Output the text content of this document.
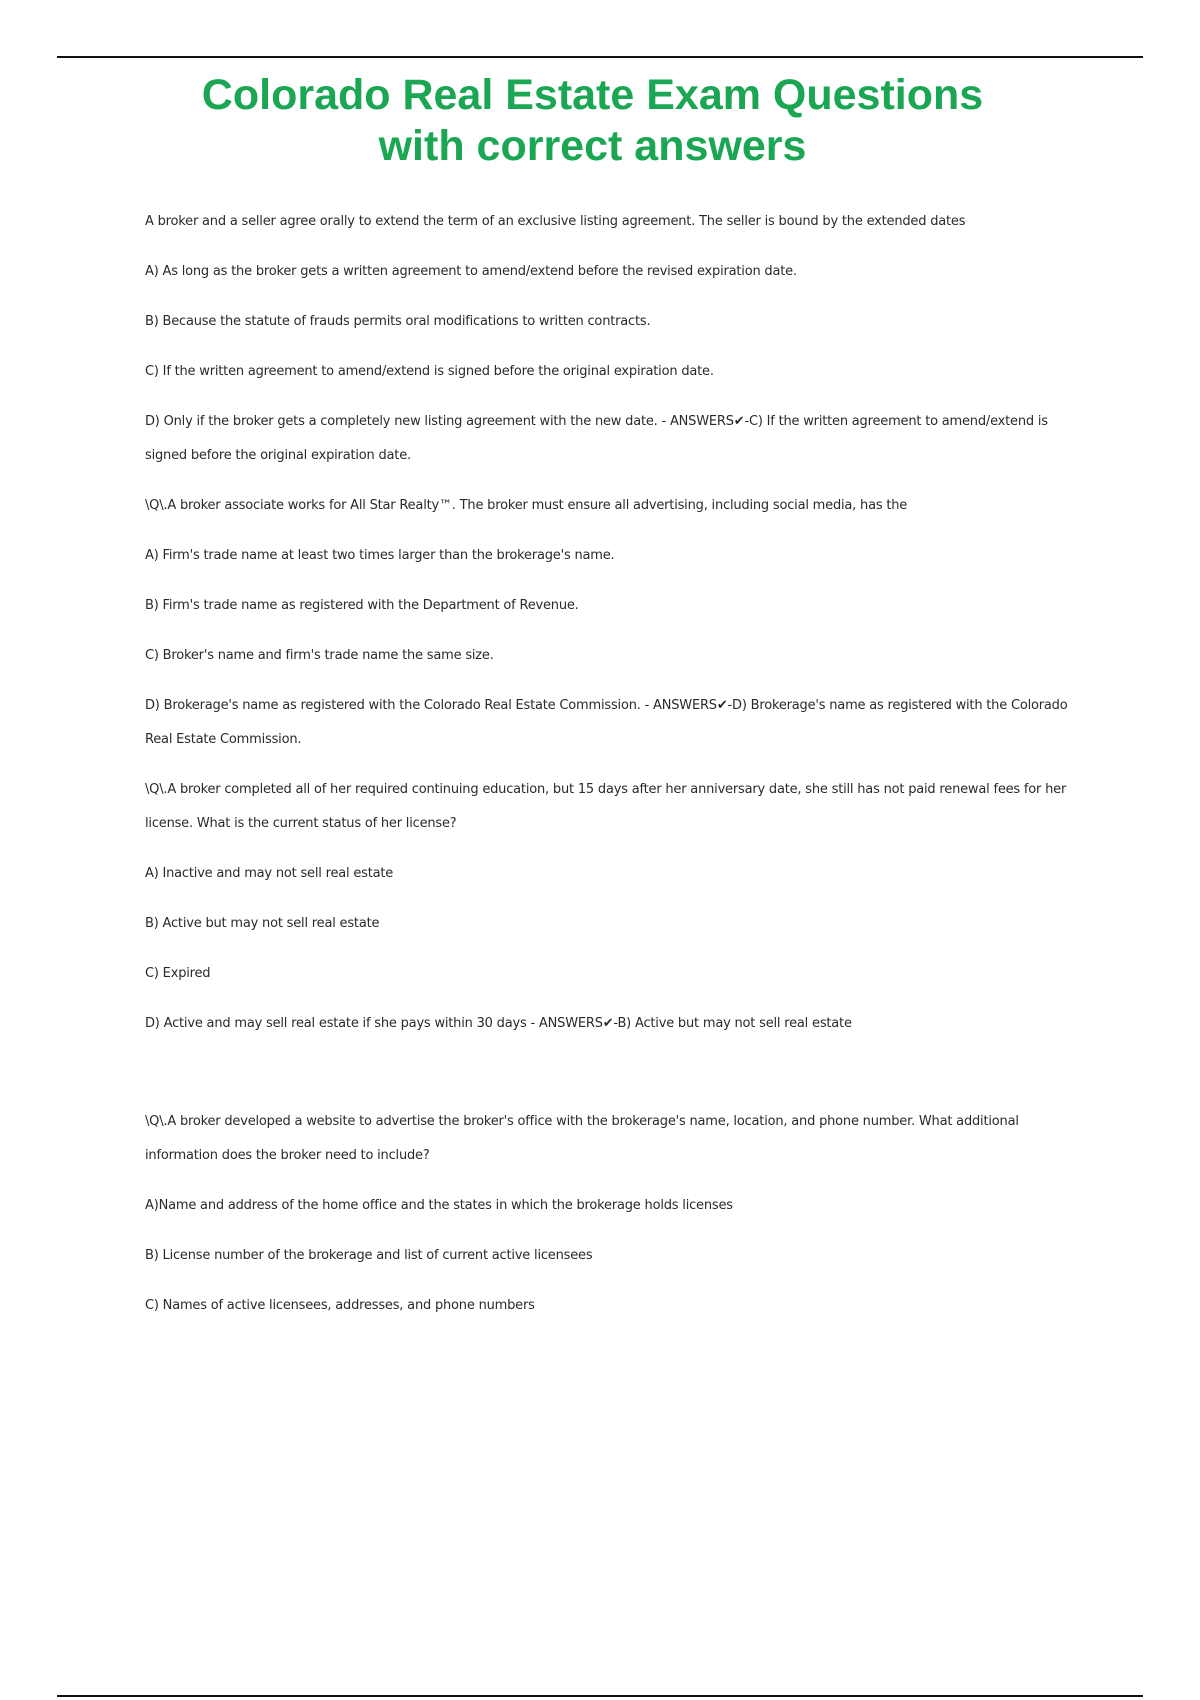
Colorado Real Estate Exam Questions
with correct answers

A broker and a seller agree orally to extend the term of an exclusive listing agreement. The seller is bound by the extended dates

A) As long as the broker gets a written agreement to amend/extend before the revised expiration date.

B) Because the statute of frauds permits oral modifications to written contracts.

C) If the written agreement to amend/extend is signed before the original expiration date.

D) Only if the broker gets a completely new listing agreement with the new date. - ANSWERS✔-C) If the written agreement to amend/extend is signed before the original expiration date.

\Q\.A broker associate works for All Star Realty™. The broker must ensure all advertising, including social media, has the

A) Firm's trade name at least two times larger than the brokerage's name.

B) Firm's trade name as registered with the Department of Revenue.

C) Broker's name and firm's trade name the same size.

D) Brokerage's name as registered with the Colorado Real Estate Commission. - ANSWERS✔-D) Brokerage's name as registered with the Colorado Real Estate Commission.

\Q\.A broker completed all of her required continuing education, but 15 days after her anniversary date, she still has not paid renewal fees for her license. What is the current status of her license?

A) Inactive and may not sell real estate

B) Active but may not sell real estate

C) Expired

D) Active and may sell real estate if she pays within 30 days - ANSWERS✔-B) Active but may not sell real estate

\Q\.A broker developed a website to advertise the broker's office with the brokerage's name, location, and phone number. What additional information does the broker need to include?

A)Name and address of the home office and the states in which the brokerage holds licenses

B) License number of the brokerage and list of current active licensees

C) Names of active licensees, addresses, and phone numbers
